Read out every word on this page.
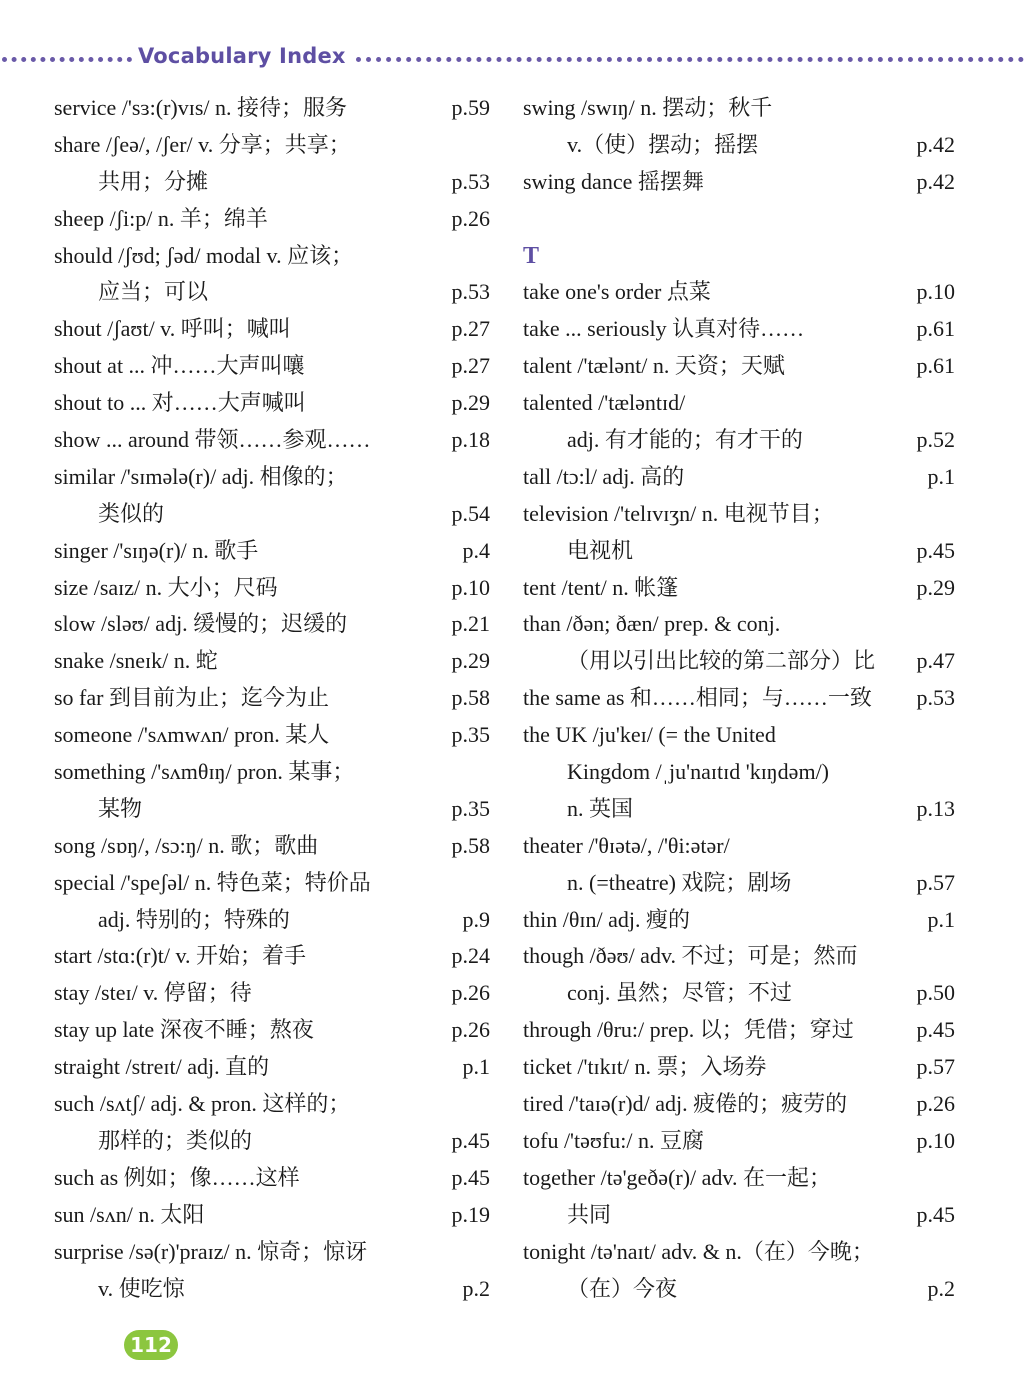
Vocabulary Index
service /'sɜ:(r)vɪs/ n. 接待；服务	p.59
share /ʃeə/, /ʃer/ v. 分享；共享；
共用；分摊	p.53
sheep /ʃi:p/ n. 羊；绵羊	p.26
should /ʃʊd; ʃəd/ modal v. 应该；
应当；可以	p.53
shout /ʃaʊt/ v. 呼叫；喊叫	p.27
shout at ... 冲……大声叫嚷	p.27
shout to ... 对……大声喊叫	p.29
show ... around 带领……参观……	p.18
similar /'sɪmələ(r)/ adj. 相像的；
类似的	p.54
singer /'sɪŋə(r)/ n. 歌手	p.4
size /saɪz/ n. 大小；尺码	p.10
slow /sləʊ/ adj. 缓慢的；迟缓的	p.21
snake /sneɪk/ n. 蛇	p.29
so far 到目前为止；迄今为止	p.58
someone /'sʌmwʌn/ pron. 某人	p.35
something /'sʌmθɪŋ/ pron. 某事；
某物	p.35
song /sɒŋ/, /sɔ:ŋ/ n. 歌；歌曲	p.58
special /'speʃəl/ n. 特色菜；特价品
adj. 特别的；特殊的	p.9
start /stɑ:(r)t/ v. 开始；着手	p.24
stay /steɪ/ v. 停留；待	p.26
stay up late 深夜不睡；熬夜	p.26
straight /streɪt/ adj. 直的	p.1
such /sʌtʃ/ adj. & pron. 这样的；
那样的；类似的	p.45
such as 例如；像……这样	p.45
sun /sʌn/ n. 太阳	p.19
surprise /sə(r)'praɪz/ n. 惊奇；惊讶
v. 使吃惊	p.2
swing /swɪŋ/ n. 摆动；秋千
v.（使）摆动；摇摆	p.42
swing dance 摇摆舞	p.42
T
take one's order 点菜	p.10
take ... seriously 认真对待……	p.61
talent /'tælənt/ n. 天资；天赋	p.61
talented /'tæləntɪd/
adj. 有才能的；有才干的	p.52
tall /tɔ:l/ adj. 高的	p.1
television /'telɪvɪʒn/ n. 电视节目；
电视机	p.45
tent /tent/ n. 帐篷	p.29
than /ðən; ðæn/ prep. & conj.
（用以引出比较的第二部分）比 p.47
the same as 和……相同；与……一致 p.53
the UK /ju'keɪ/ (= the United
Kingdom /ˌju'naɪtɪd 'kɪŋdəm/)
n. 英国	p.13
theater /'θɪətə/, /'θi:ətər/
n. (=theatre) 戏院；剧场	p.57
thin /θɪn/ adj. 瘦的	p.1
though /ðəʊ/ adv. 不过；可是；然而
conj. 虽然；尽管；不过	p.50
through /θru:/ prep. 以；凭借；穿过	p.45
ticket /'tɪkɪt/ n. 票；入场券	p.57
tired /'taɪə(r)d/ adj. 疲倦的；疲劳的	p.26
tofu /'təʊfu:/ n. 豆腐	p.10
together /tə'geðə(r)/ adv. 在一起；
共同	p.45
tonight /tə'naɪt/ adv. & n.（在）今晚；
（在）今夜	p.2
112
